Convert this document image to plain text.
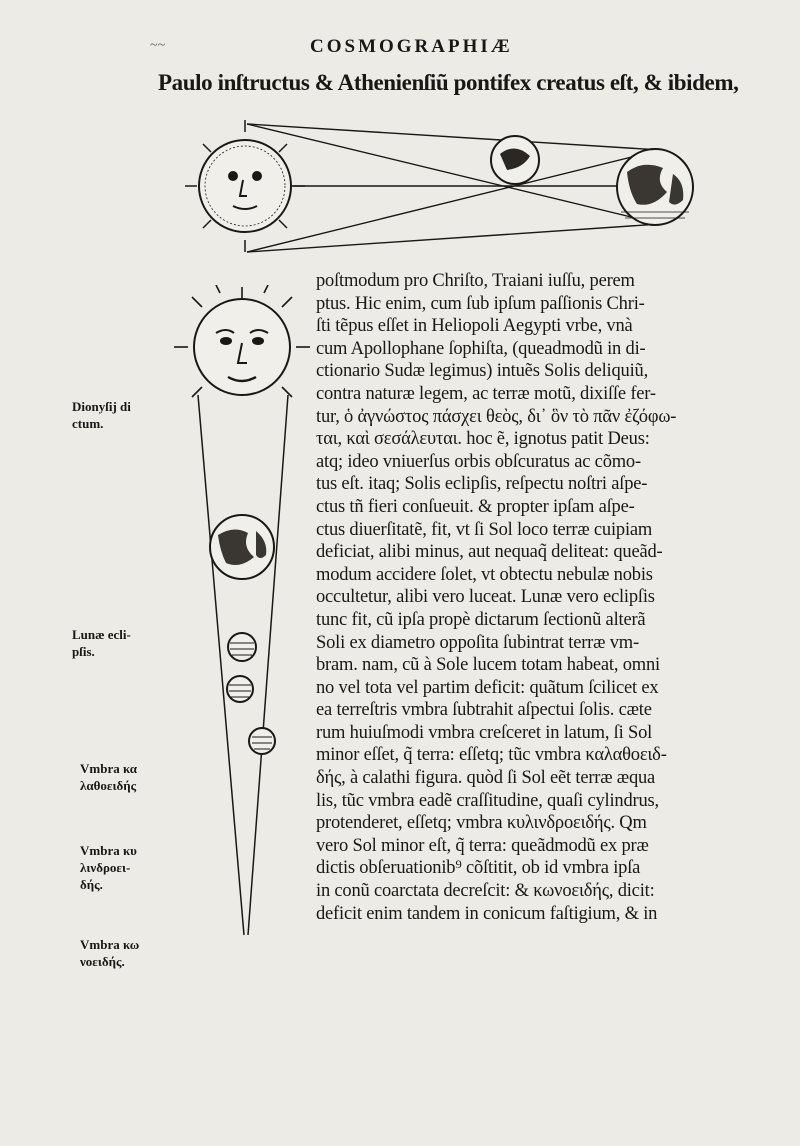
~~	COSMOGRAPHIÆ
Paulo inſtructus & Athenienſiũ pontifex creatus eſt, & ibidem,
poſtmodum pro Chriſto, Traiani iuſſu, perem
ptus. Hic enim, cum ſub ipſum paſſionis Chri-
ſti tẽpus eſſet in Heliopoli Aegypti vrbe, vnà
cum Apollophane ſophiſta, (queadmodũ in di-
ctionario Sudæ legimus) intuẽs Solis deliquiũ,
contra naturæ legem, ac terræ motũ, dixiſſe fer-
tur, ὁ ἀγνώστος πάσχει θεὸς, δι᾽ ὃν τὸ πᾶν ἐζόφω-
ται, καὶ σεσάλευται. hoc ẽ, ignotus patit Deus:
atq; ideo vniuerſus orbis obſcuratus ac cõmo-
tus eſt. itaq; Solis eclipſis, reſpectu noſtri aſpe-
ctus tñ fieri conſueuit. & propter ipſam aſpe-
ctus diuerſitatẽ, fit, vt ſi Sol loco terræ cuipiam
deficiat, alibi minus, aut nequaq̃ deliteat: queãd-
modum accidere ſolet, vt obtectu nebulæ nobis
occultetur, alibi vero luceat. Lunæ vero eclipſis
tunc fit, cũ ipſa propè dictarum ſectionũ alterã
Soli ex diametro oppoſita ſubintrat terræ vm-
bram. nam, cũ à Sole lucem totam habeat, omni
no vel tota vel partim deficit: quãtum ſcilicet ex
ea terreſtris vmbra ſubtrahit aſpectui ſolis. cæte
rum huiuſmodi vmbra creſceret in latum, ſi Sol
minor eſſet, q̃ terra: eſſetq; tũc vmbra καλαθοειδ-
δής, à calathi figura. quòd ſi Sol eẽt terræ æqua
lis, tũc vmbra eadẽ craſſitudine, quaſi cylindrus,
protenderet, eſſetq; vmbra κυλινδροειδής. Qm
vero Sol minor eſt, q̃ terra: queãdmodũ ex præ
dictis obſeruationib⁹ cõſtitit, ob id vmbra ipſa
in conũ coarctata decreſcit: & κωνοειδής, dicit:
deficit enim tandem in conicum faſtigium, & in
Dionyſij di
ctum.
Lunæ ecli-
pſis.
Vmbra κα
λαθοειδής
Vmbra κυ
λινδροει-
δής.
Vmbra κω
νοειδής.
